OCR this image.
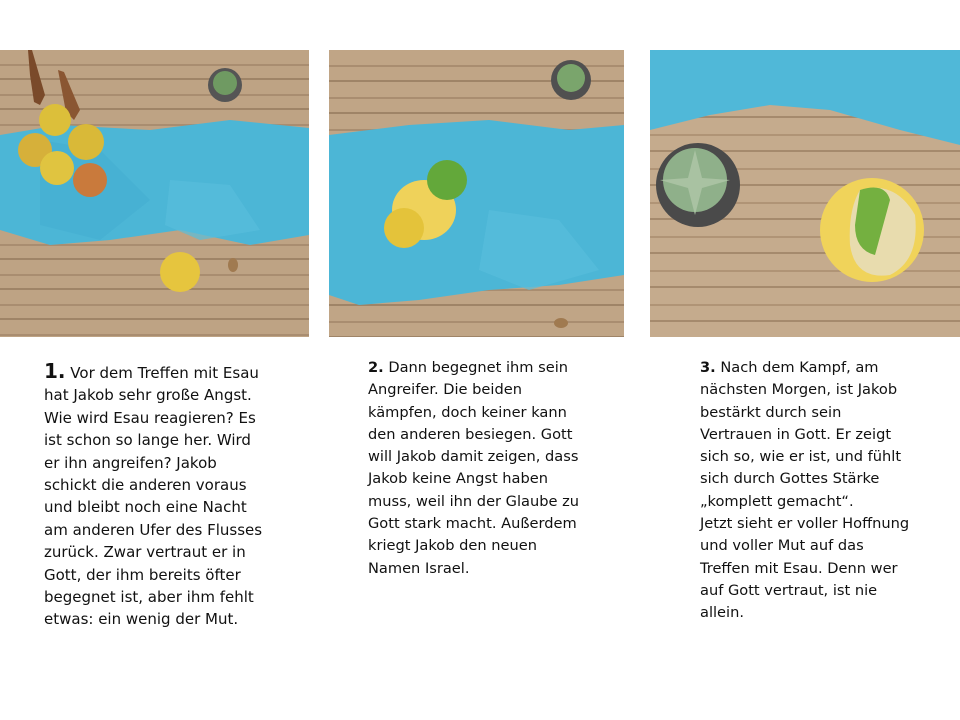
1. Vor dem Treffen mit Esau
hat Jakob sehr große Angst.
Wie wird Esau reagieren? Es
ist schon so lange her. Wird
er ihn angreifen? Jakob
schickt die anderen voraus
und bleibt noch eine Nacht
am anderen Ufer des Flusses
zurück. Zwar vertraut er in
Gott, der ihm bereits öfter
begegnet ist, aber ihm fehlt
etwas: ein wenig der Mut.
2. Dann begegnet ihm sein
Angreifer. Die beiden
kämpfen, doch keiner kann
den anderen besiegen. Gott
will Jakob damit zeigen, dass
Jakob keine Angst haben
muss, weil ihn der Glaube zu
Gott stark macht. Außerdem
kriegt Jakob den neuen
Namen Israel.
3. Nach dem Kampf, am
nächsten Morgen, ist Jakob
bestärkt durch sein
Vertrauen in Gott. Er zeigt
sich so, wie er ist, und fühlt
sich durch Gottes Stärke
„komplett gemacht“.
Jetzt sieht er voller Hoffnung
und voller Mut auf das
Treffen mit Esau. Denn wer
auf Gott vertraut, ist nie
allein.
